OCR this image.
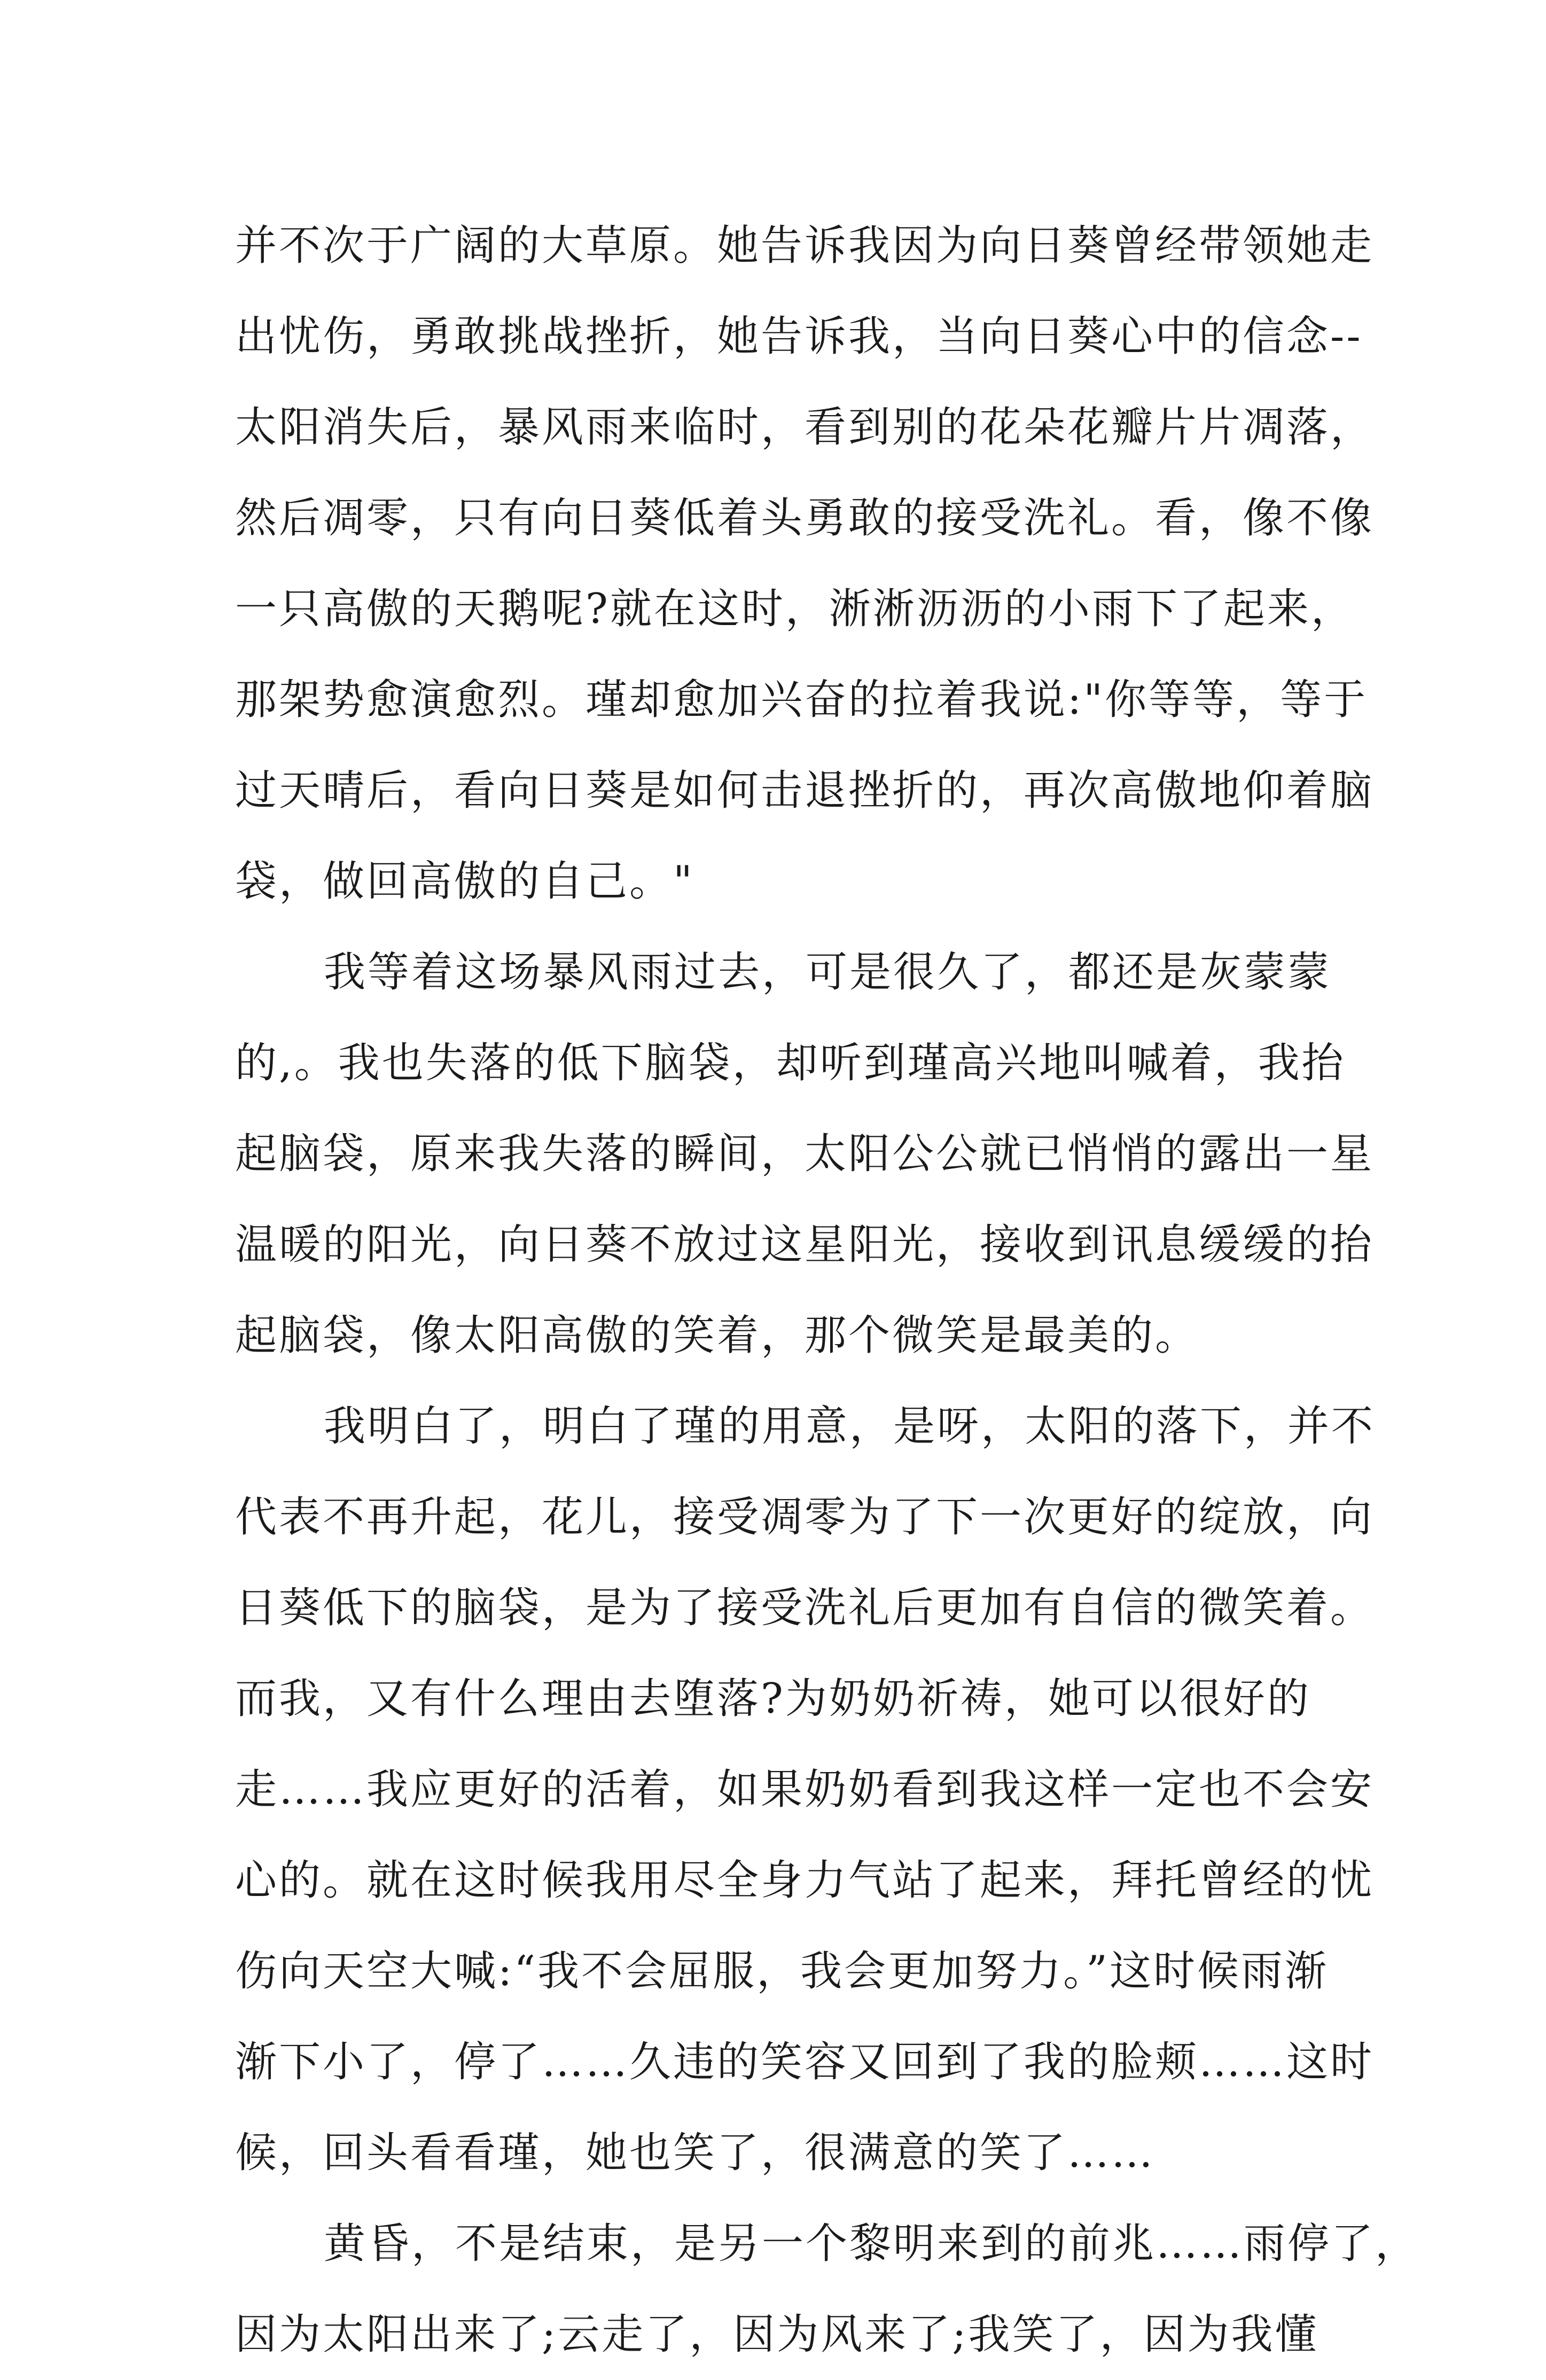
并不次于广阔的大草原。她告诉我因为向日葵曾经带领她走
出忧伤，勇敢挑战挫折，她告诉我，当向日葵心中的信念--
太阳消失后，暴风雨来临时，看到别的花朵花瓣片片凋落，
然后凋零，只有向日葵低着头勇敢的接受洗礼。看，像不像
一只高傲的天鹅呢?就在这时，淅淅沥沥的小雨下了起来，
那架势愈演愈烈。瑾却愈加兴奋的拉着我说:"你等等，等于
过天晴后，看向日葵是如何击退挫折的，再次高傲地仰着脑
袋，做回高傲的自己。"
我等着这场暴风雨过去，可是很久了，都还是灰蒙蒙
的,。我也失落的低下脑袋，却听到瑾高兴地叫喊着，我抬
起脑袋，原来我失落的瞬间，太阳公公就已悄悄的露出一星
温暖的阳光，向日葵不放过这星阳光，接收到讯息缓缓的抬
起脑袋，像太阳高傲的笑着，那个微笑是最美的。
我明白了，明白了瑾的用意，是呀，太阳的落下，并不
代表不再升起，花儿，接受凋零为了下一次更好的绽放，向
日葵低下的脑袋，是为了接受洗礼后更加有自信的微笑着。
而我，又有什么理由去堕落?为奶奶祈祷，她可以很好的
走……我应更好的活着，如果奶奶看到我这样一定也不会安
心的。就在这时候我用尽全身力气站了起来，拜托曾经的忧
伤向天空大喊:“我不会屈服，我会更加努力。”这时候雨渐
渐下小了，停了……久违的笑容又回到了我的脸颊……这时
候，回头看看瑾，她也笑了，很满意的笑了……
黄昏，不是结束，是另一个黎明来到的前兆……雨停了，
因为太阳出来了;云走了，因为风来了;我笑了，因为我懂
